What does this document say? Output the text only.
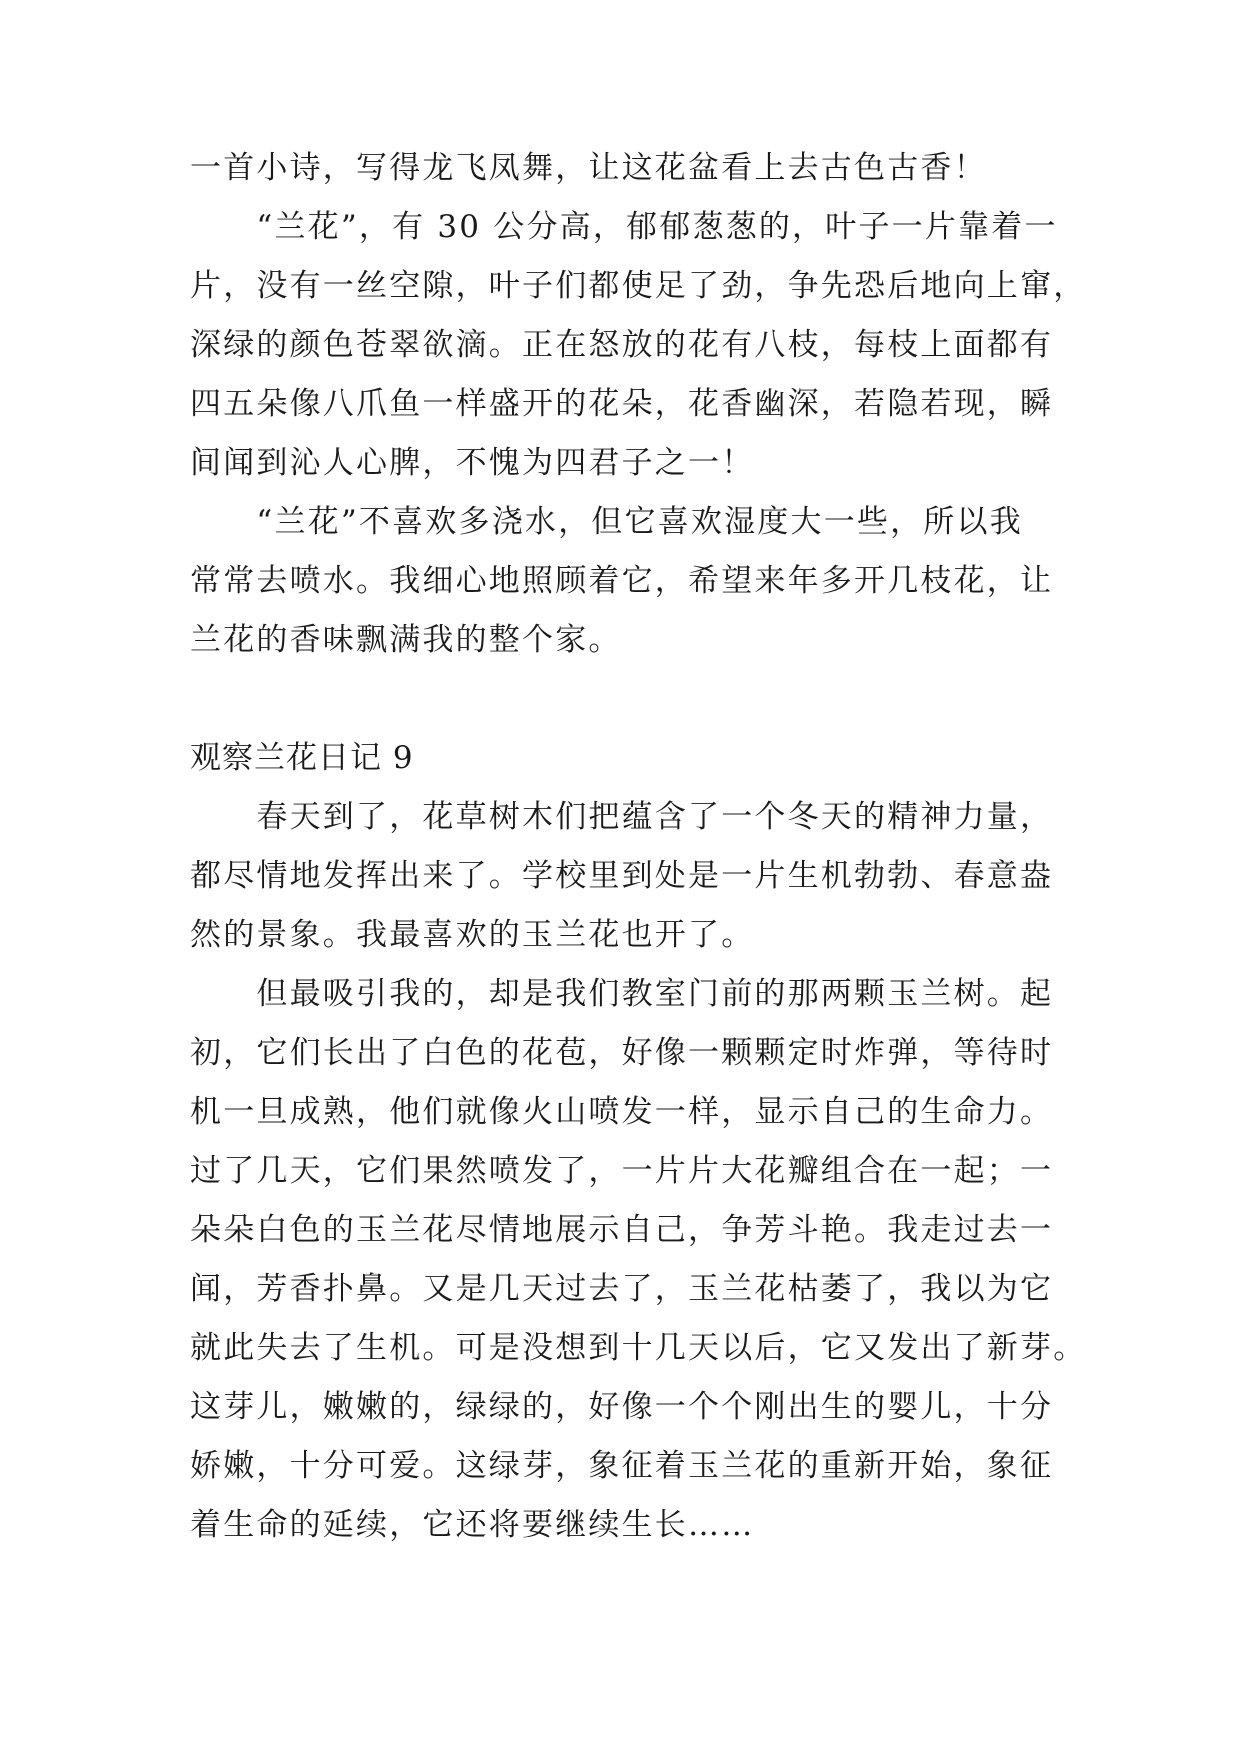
一首小诗，写得龙飞凤舞，让这花盆看上去古色古香！
　　“兰花”，有 30 公分高，郁郁葱葱的，叶子一片靠着一
片，没有一丝空隙，叶子们都使足了劲，争先恐后地向上窜，
深绿的颜色苍翠欲滴。正在怒放的花有八枝，每枝上面都有
四五朵像八爪鱼一样盛开的花朵，花香幽深，若隐若现，瞬
间闻到沁人心脾，不愧为四君子之一！
　　“兰花”不喜欢多浇水，但它喜欢湿度大一些，所以我
常常去喷水。我细心地照顾着它，希望来年多开几枝花，让
兰花的香味飘满我的整个家。
观察兰花日记 9
　　春天到了，花草树木们把蕴含了一个冬天的精神力量，
都尽情地发挥出来了。学校里到处是一片生机勃勃、春意盎
然的景象。我最喜欢的玉兰花也开了。
　　但最吸引我的，却是我们教室门前的那两颗玉兰树。起
初，它们长出了白色的花苞，好像一颗颗定时炸弹，等待时
机一旦成熟，他们就像火山喷发一样，显示自己的生命力。
过了几天，它们果然喷发了，一片片大花瓣组合在一起；一
朵朵白色的玉兰花尽情地展示自己，争芳斗艳。我走过去一
闻，芳香扑鼻。又是几天过去了，玉兰花枯萎了，我以为它
就此失去了生机。可是没想到十几天以后，它又发出了新芽。
这芽儿，嫩嫩的，绿绿的，好像一个个刚出生的婴儿，十分
娇嫩，十分可爱。这绿芽，象征着玉兰花的重新开始，象征
着生命的延续，它还将要继续生长……
